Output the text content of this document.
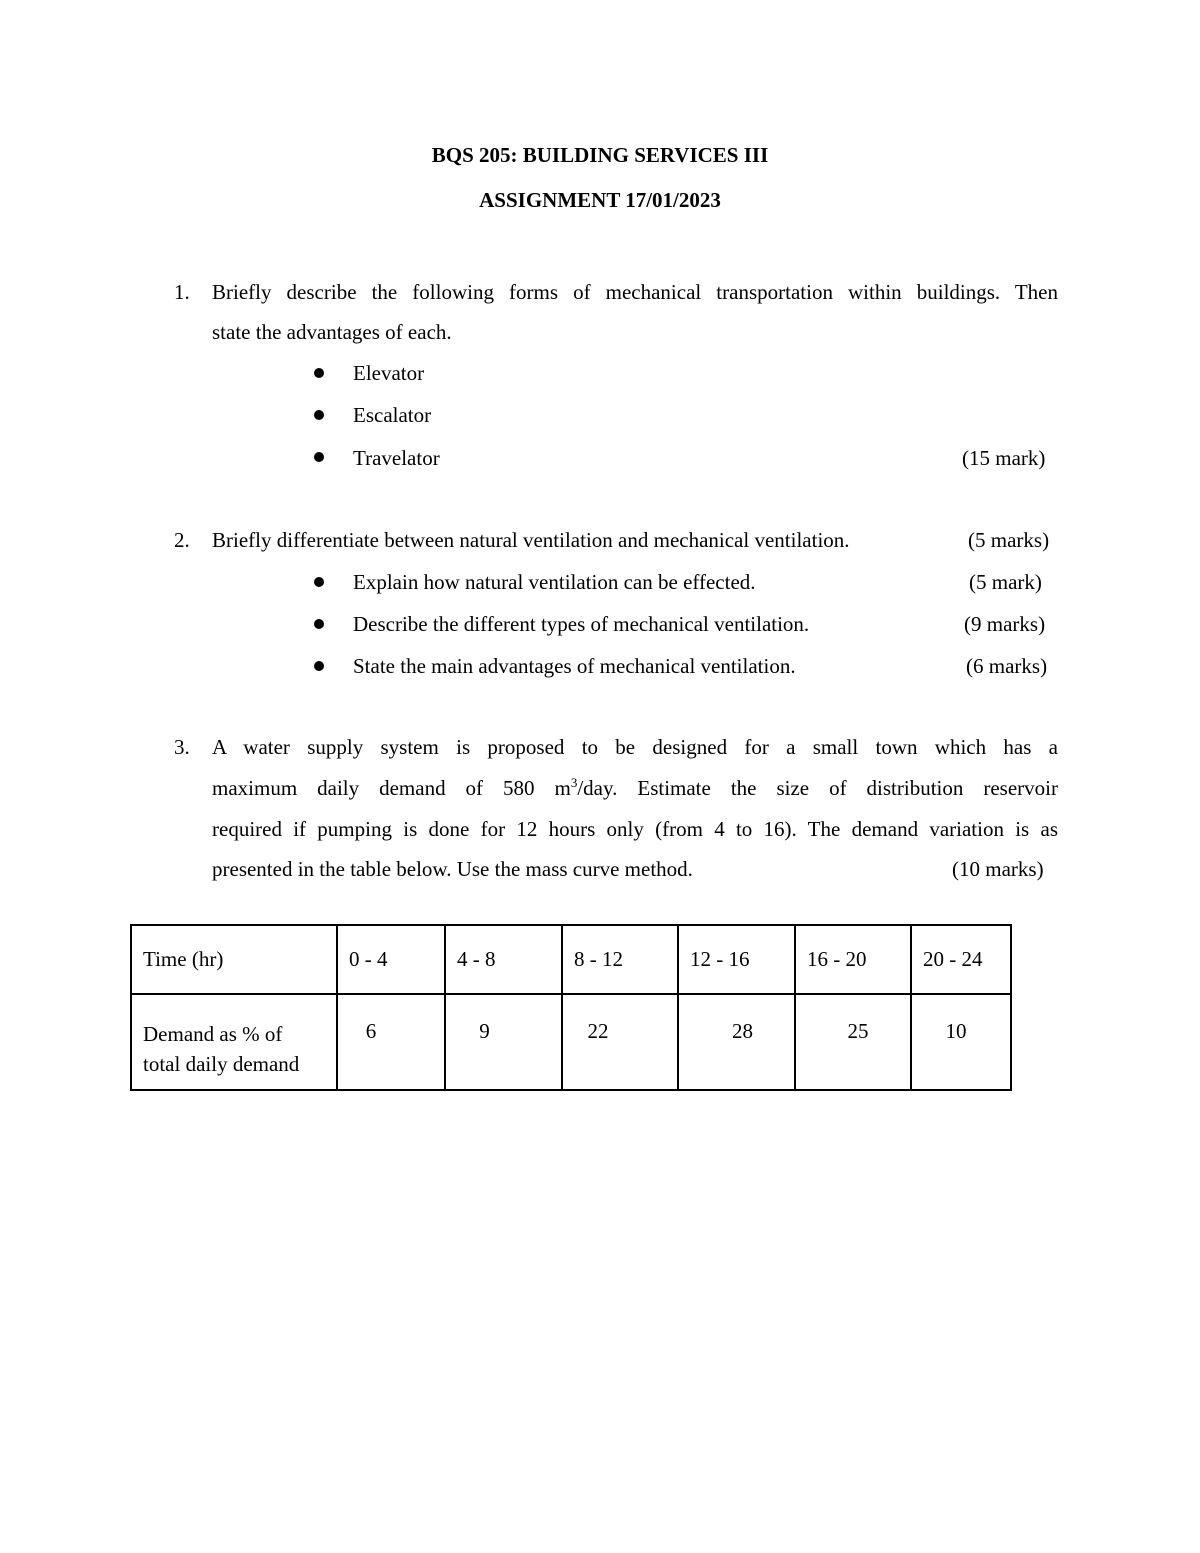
BQS 205: BUILDING SERVICES III
ASSIGNMENT 17/01/2023
1. Briefly describe the following forms of mechanical transportation within buildings. Then
state the advantages of each.
Elevator
Escalator
Travelator	(15 mark)
2. Briefly differentiate between natural ventilation and mechanical ventilation.	(5 marks)
Explain how natural ventilation can be effected.	(5 mark)
Describe the different types of mechanical ventilation.	(9 marks)
State the main advantages of mechanical ventilation.	(6 marks)
3. A water supply system is proposed to be designed for a small town which has a
maximum daily demand of 580 $m^3$/day. Estimate the size of distribution reservoir
required if pumping is done for 12 hours only (from 4 to 16). The demand variation is as
presented in the table below. Use the mass curve method.	(10 marks)
Time (hr)	0 - 4	4 - 8	8 - 12	12 - 16	16 - 20	20 - 24

Demand as % of
total daily demand	6	9	22	28	25	10
